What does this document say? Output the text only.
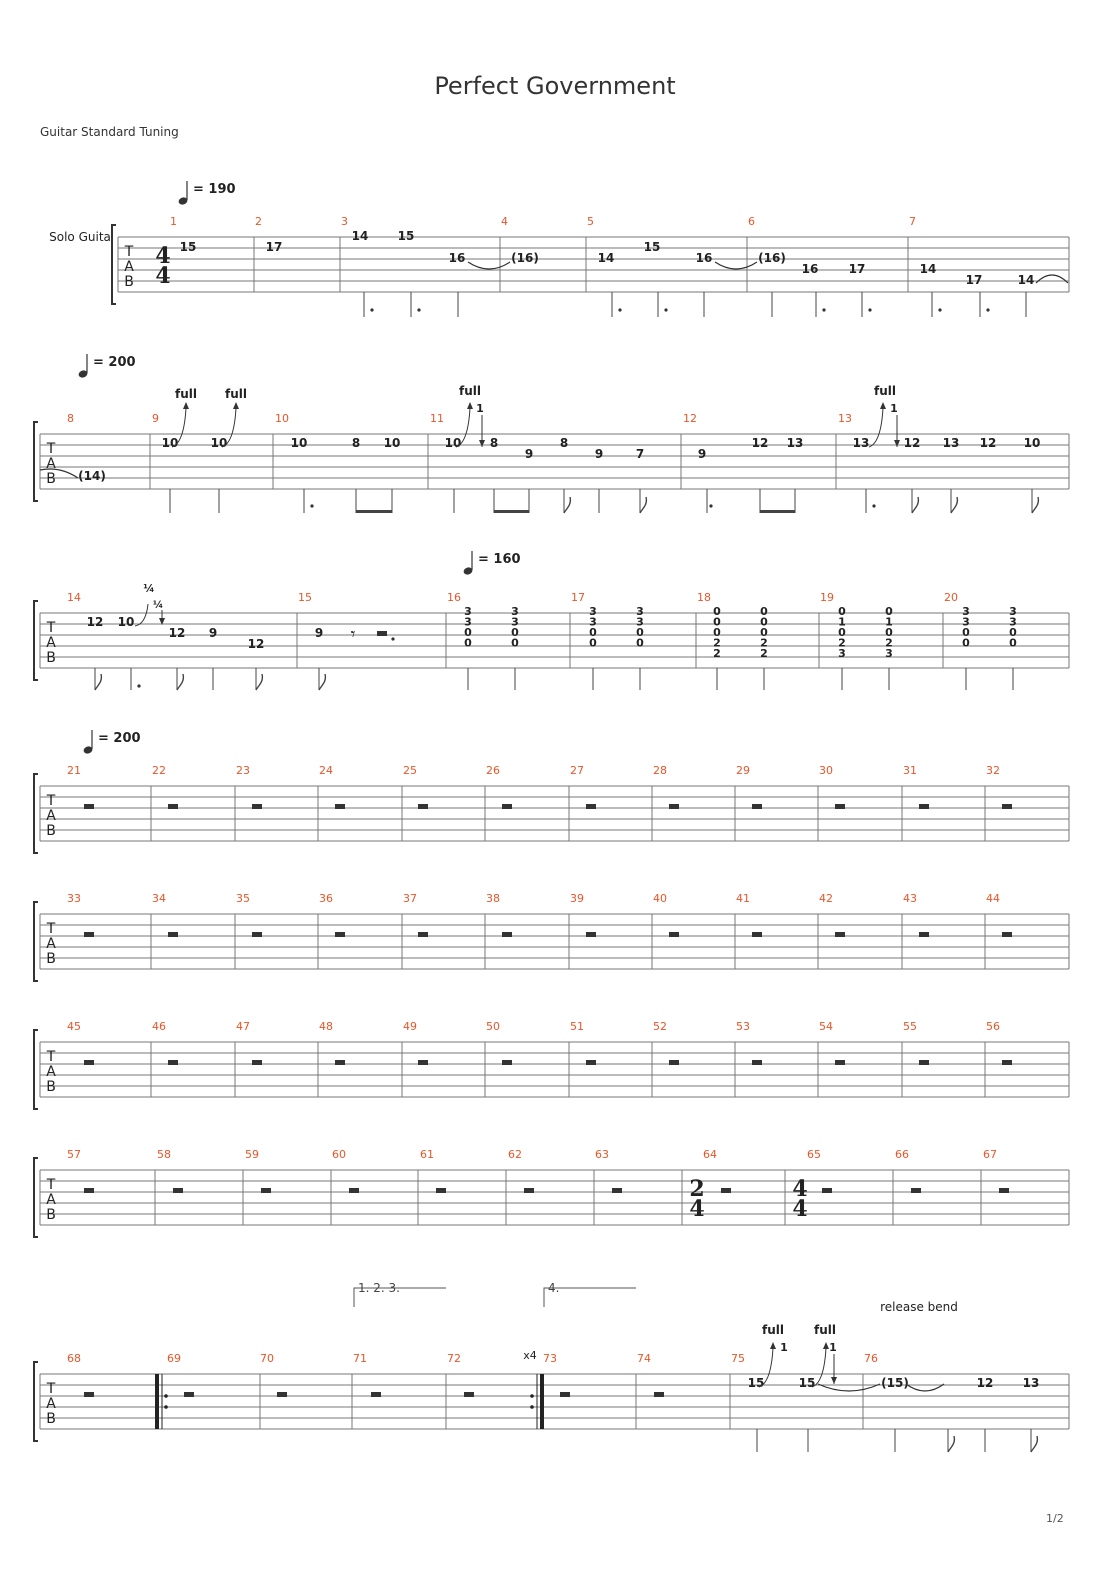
Perfect Government
Guitar Standard Tuning
1/2
T
A
B
Solo Guita
4
4
= 190
1	2	3	4	5	6	7
15	17
14 15
16	(16)	14
15
16	(16)
16	17	14
17	14
T
A
B
= 200
8	9	10	11	12	13
(14)
10	10	10	8 10	10 8
9
8
9	7	9
12 13	13	12 13 12 10
full full	full
1
full
1
T
A
B
= 160
14	15	16	17	18	19	20
12 10
12 9
12
9
¼
¼
𝄾
3
3
0
0
3
3
0
0
3
3
0
0
3
3
0
0
0
0
0
2
2
0
0
0
2
2
0
1
0
2
3
0
1
0
2
3
3
3
0
0
3
3
0
0
T
A
B
= 200
21	22	23	24	25	26	27	28	29	30	31	32
T
A
B
33	34	35	36	37	38	39	40	41	42	43	44
T
A
B
45	46	47	48	49	50	51	52	53	54	55	56
T
A
B
57	58	59	60	61	62	63	64	65	66	67
2
4
4
4
T
A
B
68	69	70	71	72	73	74	75	76
1. 2. 3.	4.
x4
release bend
15	15	(15)	12 13
full
1
full
1
